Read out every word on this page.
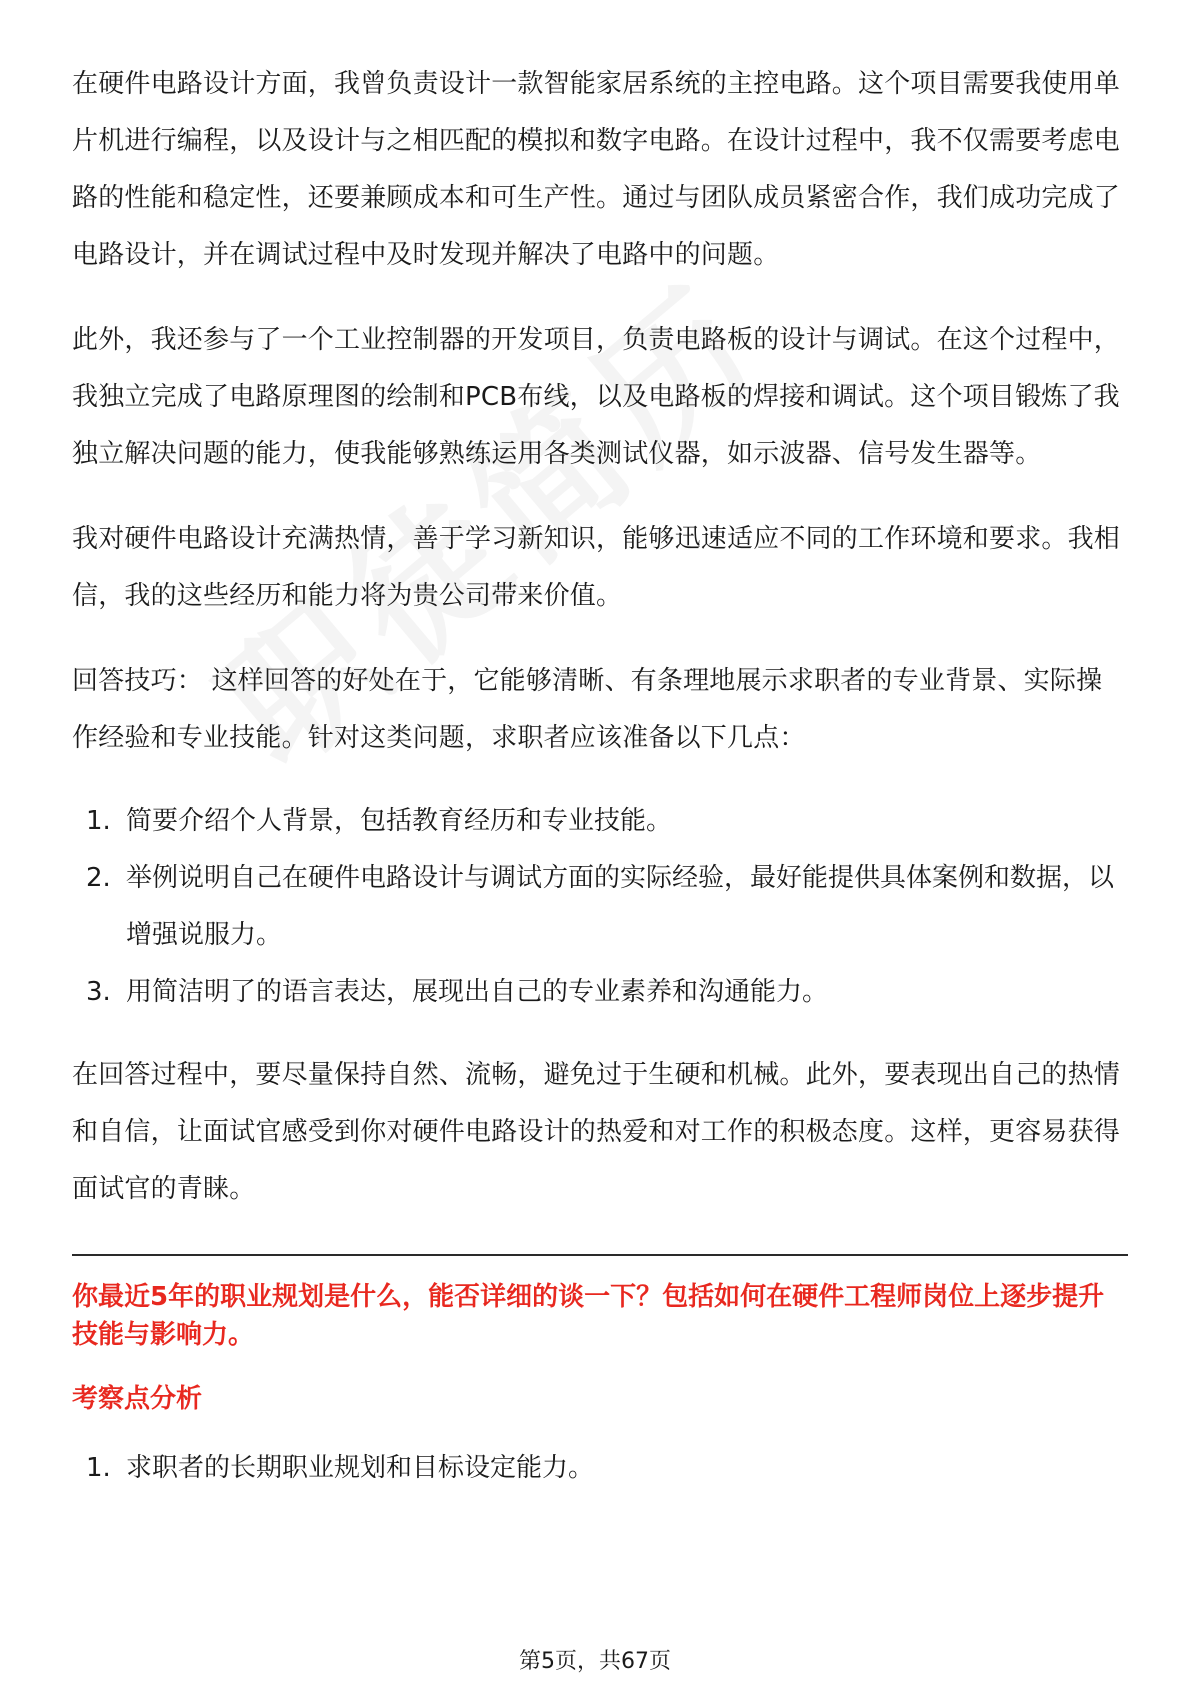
在硬件电路设计方面，我曾负责设计一款智能家居系统的主控电路。这个项目需要我使用单片机进行编程，以及设计与之相匹配的模拟和数字电路。在设计过程中，我不仅需要考虑电路的性能和稳定性，还要兼顾成本和可生产性。通过与团队成员紧密合作，我们成功完成了电路设计，并在调试过程中及时发现并解决了电路中的问题。

此外，我还参与了一个工业控制器的开发项目，负责电路板的设计与调试。在这个过程中，我独立完成了电路原理图的绘制和PCB布线，以及电路板的焊接和调试。这个项目锻炼了我独立解决问题的能力，使我能够熟练运用各类测试仪器，如示波器、信号发生器等。

我对硬件电路设计充满热情，善于学习新知识，能够迅速适应不同的工作环境和要求。我相信，我的这些经历和能力将为贵公司带来价值。

回答技巧： 这样回答的好处在于，它能够清晰、有条理地展示求职者的专业背景、实际操作经验和专业技能。针对这类问题，求职者应该准备以下几点：

1. 简要介绍个人背景，包括教育经历和专业技能。
2. 举例说明自己在硬件电路设计与调试方面的实际经验，最好能提供具体案例和数据，以增强说服力。
3. 用简洁明了的语言表达，展现出自己的专业素养和沟通能力。

在回答过程中，要尽量保持自然、流畅，避免过于生硬和机械。此外，要表现出自己的热情和自信，让面试官感受到你对硬件电路设计的热爱和对工作的积极态度。这样，更容易获得面试官的青睐。

你最近5年的职业规划是什么，能否详细的谈一下？包括如何在硬件工程师岗位上逐步提升技能与影响力。

考察点分析

1. 求职者的长期职业规划和目标设定能力。
第5页，共67页
